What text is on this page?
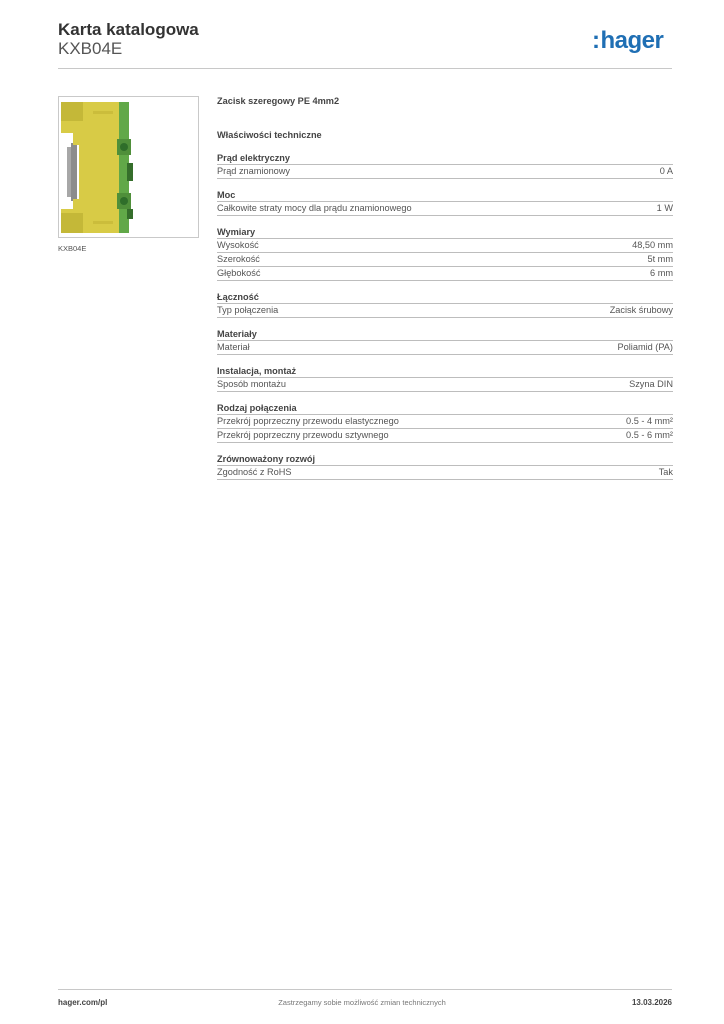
Karta katalogowa
KXB04E	:hager
KXB04E
Zacisk szeregowy PE 4mm2
Właściwości techniczne
Prąd elektryczny
Prąd znamionowy	0 A
Moc
Całkowite straty mocy dla prądu znamionowego	1 W
Wymiary
Wysokość	48,50 mm
Szerokość	5t mm
Głębokość	6 mm
Łączność
Typ połączenia	Zacisk śrubowy
Materiały
Materiał	Poliamid (PA)
Instalacja, montaż
Sposób montażu	Szyna DIN
Rodzaj połączenia
Przekrój poprzeczny przewodu elastycznego	0.5 - 4 mm²
Przekrój poprzeczny przewodu sztywnego	0.5 - 6 mm²
Zrównoważony rozwój
Zgodność z RoHS	Tak
hager.com/pl	Zastrzegamy sobie możliwość zmian technicznych	13.03.2026
